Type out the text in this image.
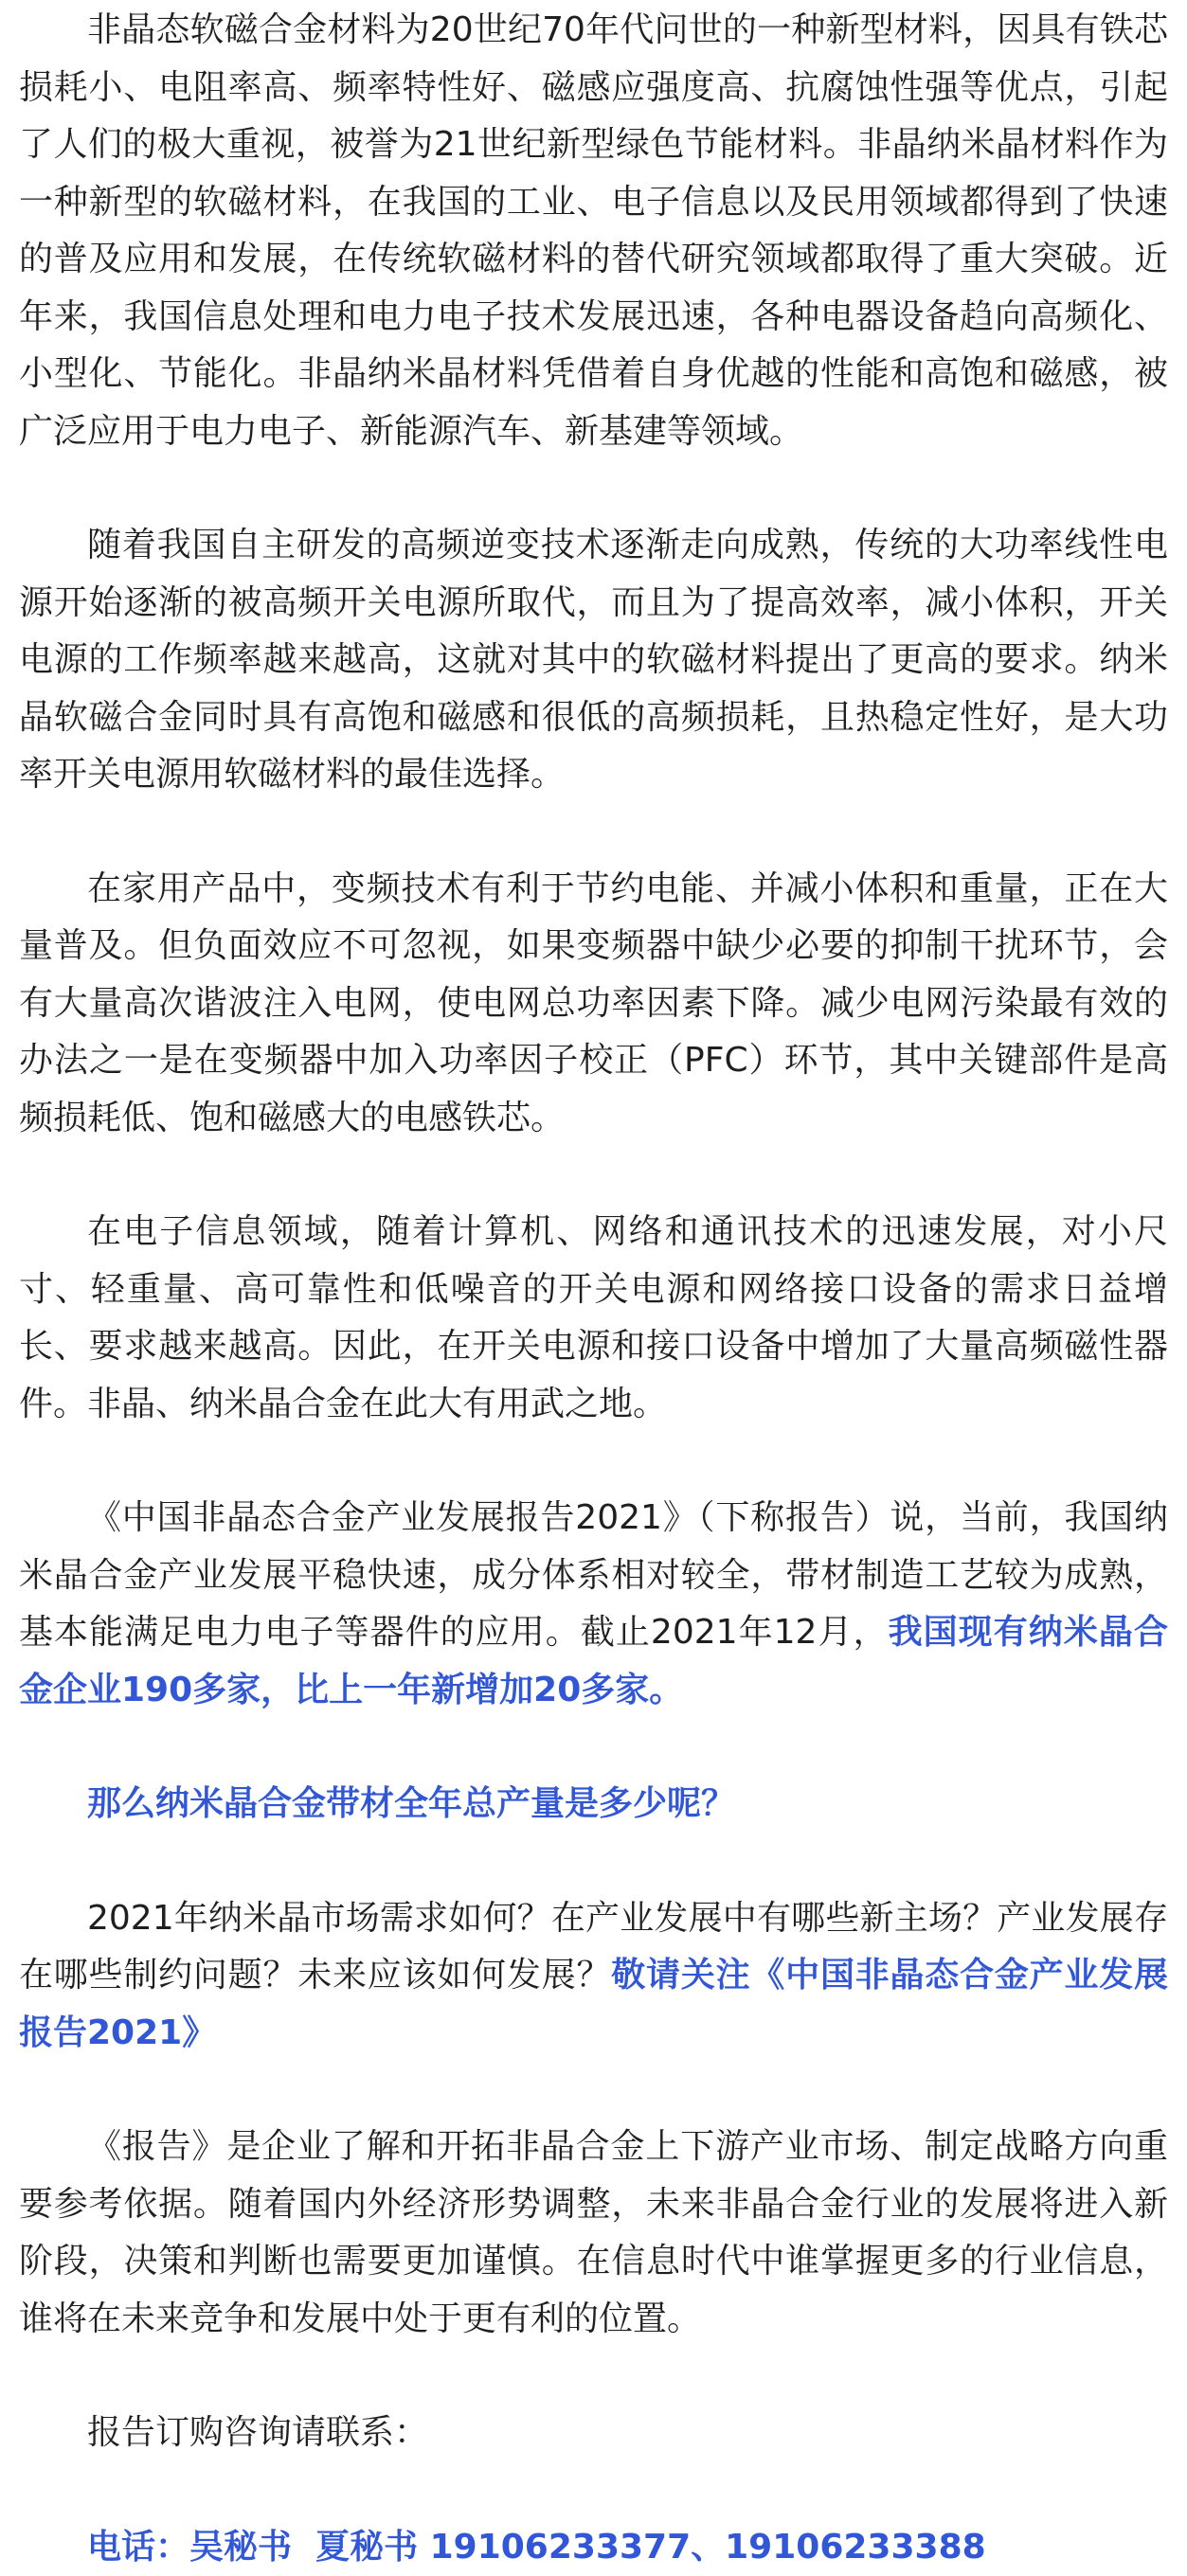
非晶态软磁合金材料为20世纪70年代问世的一种新型材料，因具有铁芯损耗小、电阻率高、频率特性好、磁感应强度高、抗腐蚀性强等优点，引起了人们的极大重视，被誉为21世纪新型绿色节能材料。非晶纳米晶材料作为一种新型的软磁材料，在我国的工业、电子信息以及民用领域都得到了快速的普及应用和发展，在传统软磁材料的替代研究领域都取得了重大突破。近年来，我国信息处理和电力电子技术发展迅速，各种电器设备趋向高频化、小型化、节能化。非晶纳米晶材料凭借着自身优越的性能和高饱和磁感，被广泛应用于电力电子、新能源汽车、新基建等领域。

随着我国自主研发的高频逆变技术逐渐走向成熟，传统的大功率线性电源开始逐渐的被高频开关电源所取代，而且为了提高效率，减小体积，开关电源的工作频率越来越高，这就对其中的软磁材料提出了更高的要求。纳米晶软磁合金同时具有高饱和磁感和很低的高频损耗，且热稳定性好，是大功率开关电源用软磁材料的最佳选择。

在家用产品中，变频技术有利于节约电能、并减小体积和重量，正在大量普及。但负面效应不可忽视，如果变频器中缺少必要的抑制干扰环节，会有大量高次谐波注入电网，使电网总功率因素下降。减少电网污染最有效的办法之一是在变频器中加入功率因子校正（PFC）环节，其中关键部件是高频损耗低、饱和磁感大的电感铁芯。

在电子信息领域，随着计算机、网络和通讯技术的迅速发展，对小尺寸、轻重量、高可靠性和低噪音的开关电源和网络接口设备的需求日益增长、要求越来越高。因此，在开关电源和接口设备中增加了大量高频磁性器件。非晶、纳米晶合金在此大有用武之地。

《中国非晶态合金产业发展报告2021》（下称报告）说，当前，我国纳米晶合金产业发展平稳快速，成分体系相对较全，带材制造工艺较为成熟，基本能满足电力电子等器件的应用。截止2021年12月，我国现有纳米晶合金企业190多家，比上一年新增加20多家。

那么纳米晶合金带材全年总产量是多少呢？

2021年纳米晶市场需求如何？在产业发展中有哪些新主场？产业发展存在哪些制约问题？未来应该如何发展？敬请关注《中国非晶态合金产业发展报告2021》

《报告》是企业了解和开拓非晶合金上下游产业市场、制定战略方向重要参考依据。随着国内外经济形势调整，未来非晶合金行业的发展将进入新阶段，决策和判断也需要更加谨慎。在信息时代中谁掌握更多的行业信息，谁将在未来竞争和发展中处于更有利的位置。

报告订购咨询请联系：

电话：吴秘书  夏秘书 19106233377、19106233388
